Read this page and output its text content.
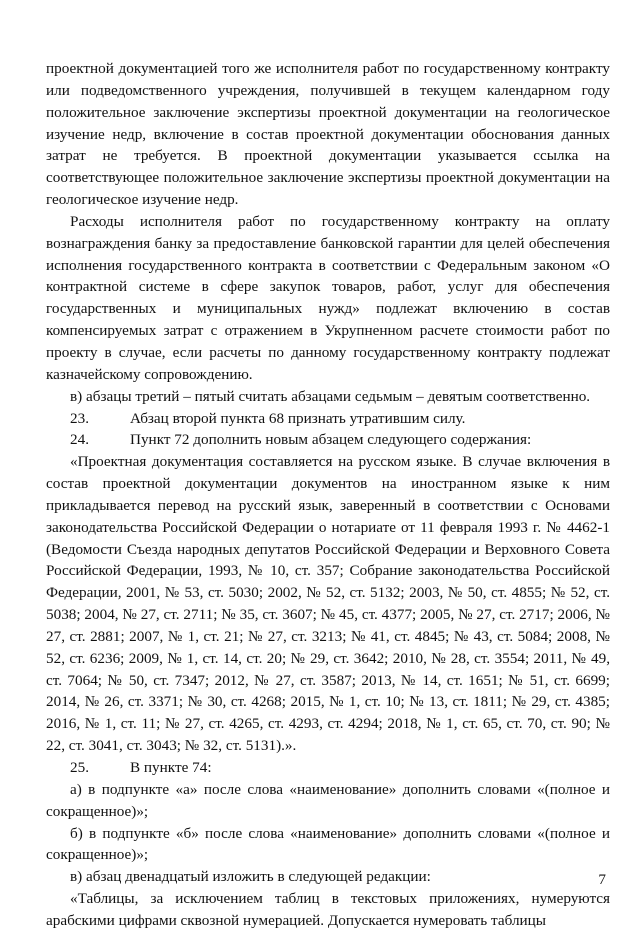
проектной документацией того же исполнителя работ по государственному контракту или подведомственного учреждения, получившей в текущем календарном году положительное заключение экспертизы проектной документации на геологическое изучение недр, включение в состав проектной документации обоснования данных затрат не требуется. В проектной документации указывается ссылка на соответствующее положительное заключение экспертизы проектной документации на геологическое изучение недр.

Расходы исполнителя работ по государственному контракту на оплату вознаграждения банку за предоставление банковской гарантии для целей обеспечения исполнения государственного контракта в соответствии с Федеральным законом «О контрактной системе в сфере закупок товаров, работ, услуг для обеспечения государственных и муниципальных нужд» подлежат включению в состав компенсируемых затрат с отражением в Укрупненном расчете стоимости работ по проекту в случае, если расчеты по данному государственному контракту подлежат казначейскому сопровождению.

в) абзацы третий – пятый считать абзацами седьмым – девятым соответственно.

23.	Абзац второй пункта 68 признать утратившим силу.

24.	Пункт 72 дополнить новым абзацем следующего содержания:

«Проектная документация составляется на русском языке. В случае включения в состав проектной документации документов на иностранном языке к ним прикладывается перевод на русский язык, заверенный в соответствии с Основами законодательства Российской Федерации о нотариате от 11 февраля 1993 г. № 4462-1 (Ведомости Съезда народных депутатов Российской Федерации и Верховного Совета Российской Федерации, 1993, № 10, ст. 357; Собрание законодательства Российской Федерации, 2001, № 53, ст. 5030; 2002, № 52, ст. 5132; 2003, № 50, ст. 4855; № 52, ст. 5038; 2004, № 27, ст. 2711; № 35, ст. 3607; № 45, ст. 4377; 2005, № 27, ст. 2717; 2006, № 27, ст. 2881; 2007, № 1, ст. 21; № 27, ст. 3213; № 41, ст. 4845; № 43, ст. 5084; 2008, № 52, ст. 6236; 2009, № 1, ст. 14, ст. 20; № 29, ст. 3642; 2010, № 28, ст. 3554; 2011, № 49, ст. 7064; № 50, ст. 7347; 2012, № 27, ст. 3587; 2013, № 14, ст. 1651; № 51, ст. 6699; 2014, № 26, ст. 3371; № 30, ст. 4268; 2015, № 1, ст. 10; № 13, ст. 1811; № 29, ст. 4385; 2016, № 1, ст. 11; № 27, ст. 4265, ст. 4293, ст. 4294; 2018, № 1, ст. 65, ст. 70, ст. 90; № 22, ст. 3041, ст. 3043; № 32, ст. 5131).».

25.	В пункте 74:

а) в подпункте «а» после слова «наименование» дополнить словами «(полное и сокращенное)»;

б) в подпункте «б» после слова «наименование» дополнить словами «(полное и сокращенное)»;

в) абзац двенадцатый изложить в следующей редакции:

«Таблицы, за исключением таблиц в текстовых приложениях, нумеруются арабскими цифрами сквозной нумерацией. Допускается нумеровать таблицы

7
